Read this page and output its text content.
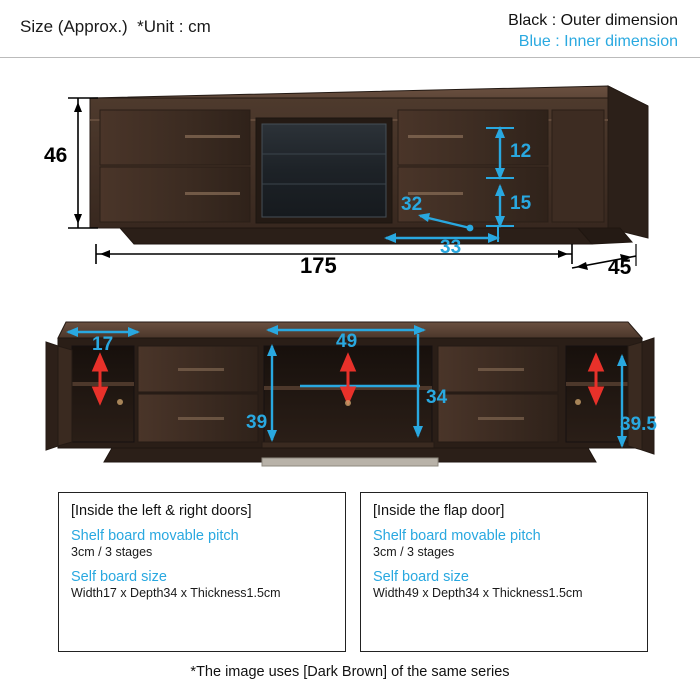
Size (Approx.)  *Unit : cm	Black : Outer dimension
Blue : Inner dimension
46
175	45
12
15
32
33
17	49
34
39	39.5
[Inside the left & right doors]
Shelf board movable pitch
3cm / 3 stages
Self board size
Width17 x Depth34 x Thickness1.5cm
[Inside the flap door]
Shelf board movable pitch
3cm / 3 stages
Self board size
Width49 x Depth34 x Thickness1.5cm
*The image uses [Dark Brown] of the same series
